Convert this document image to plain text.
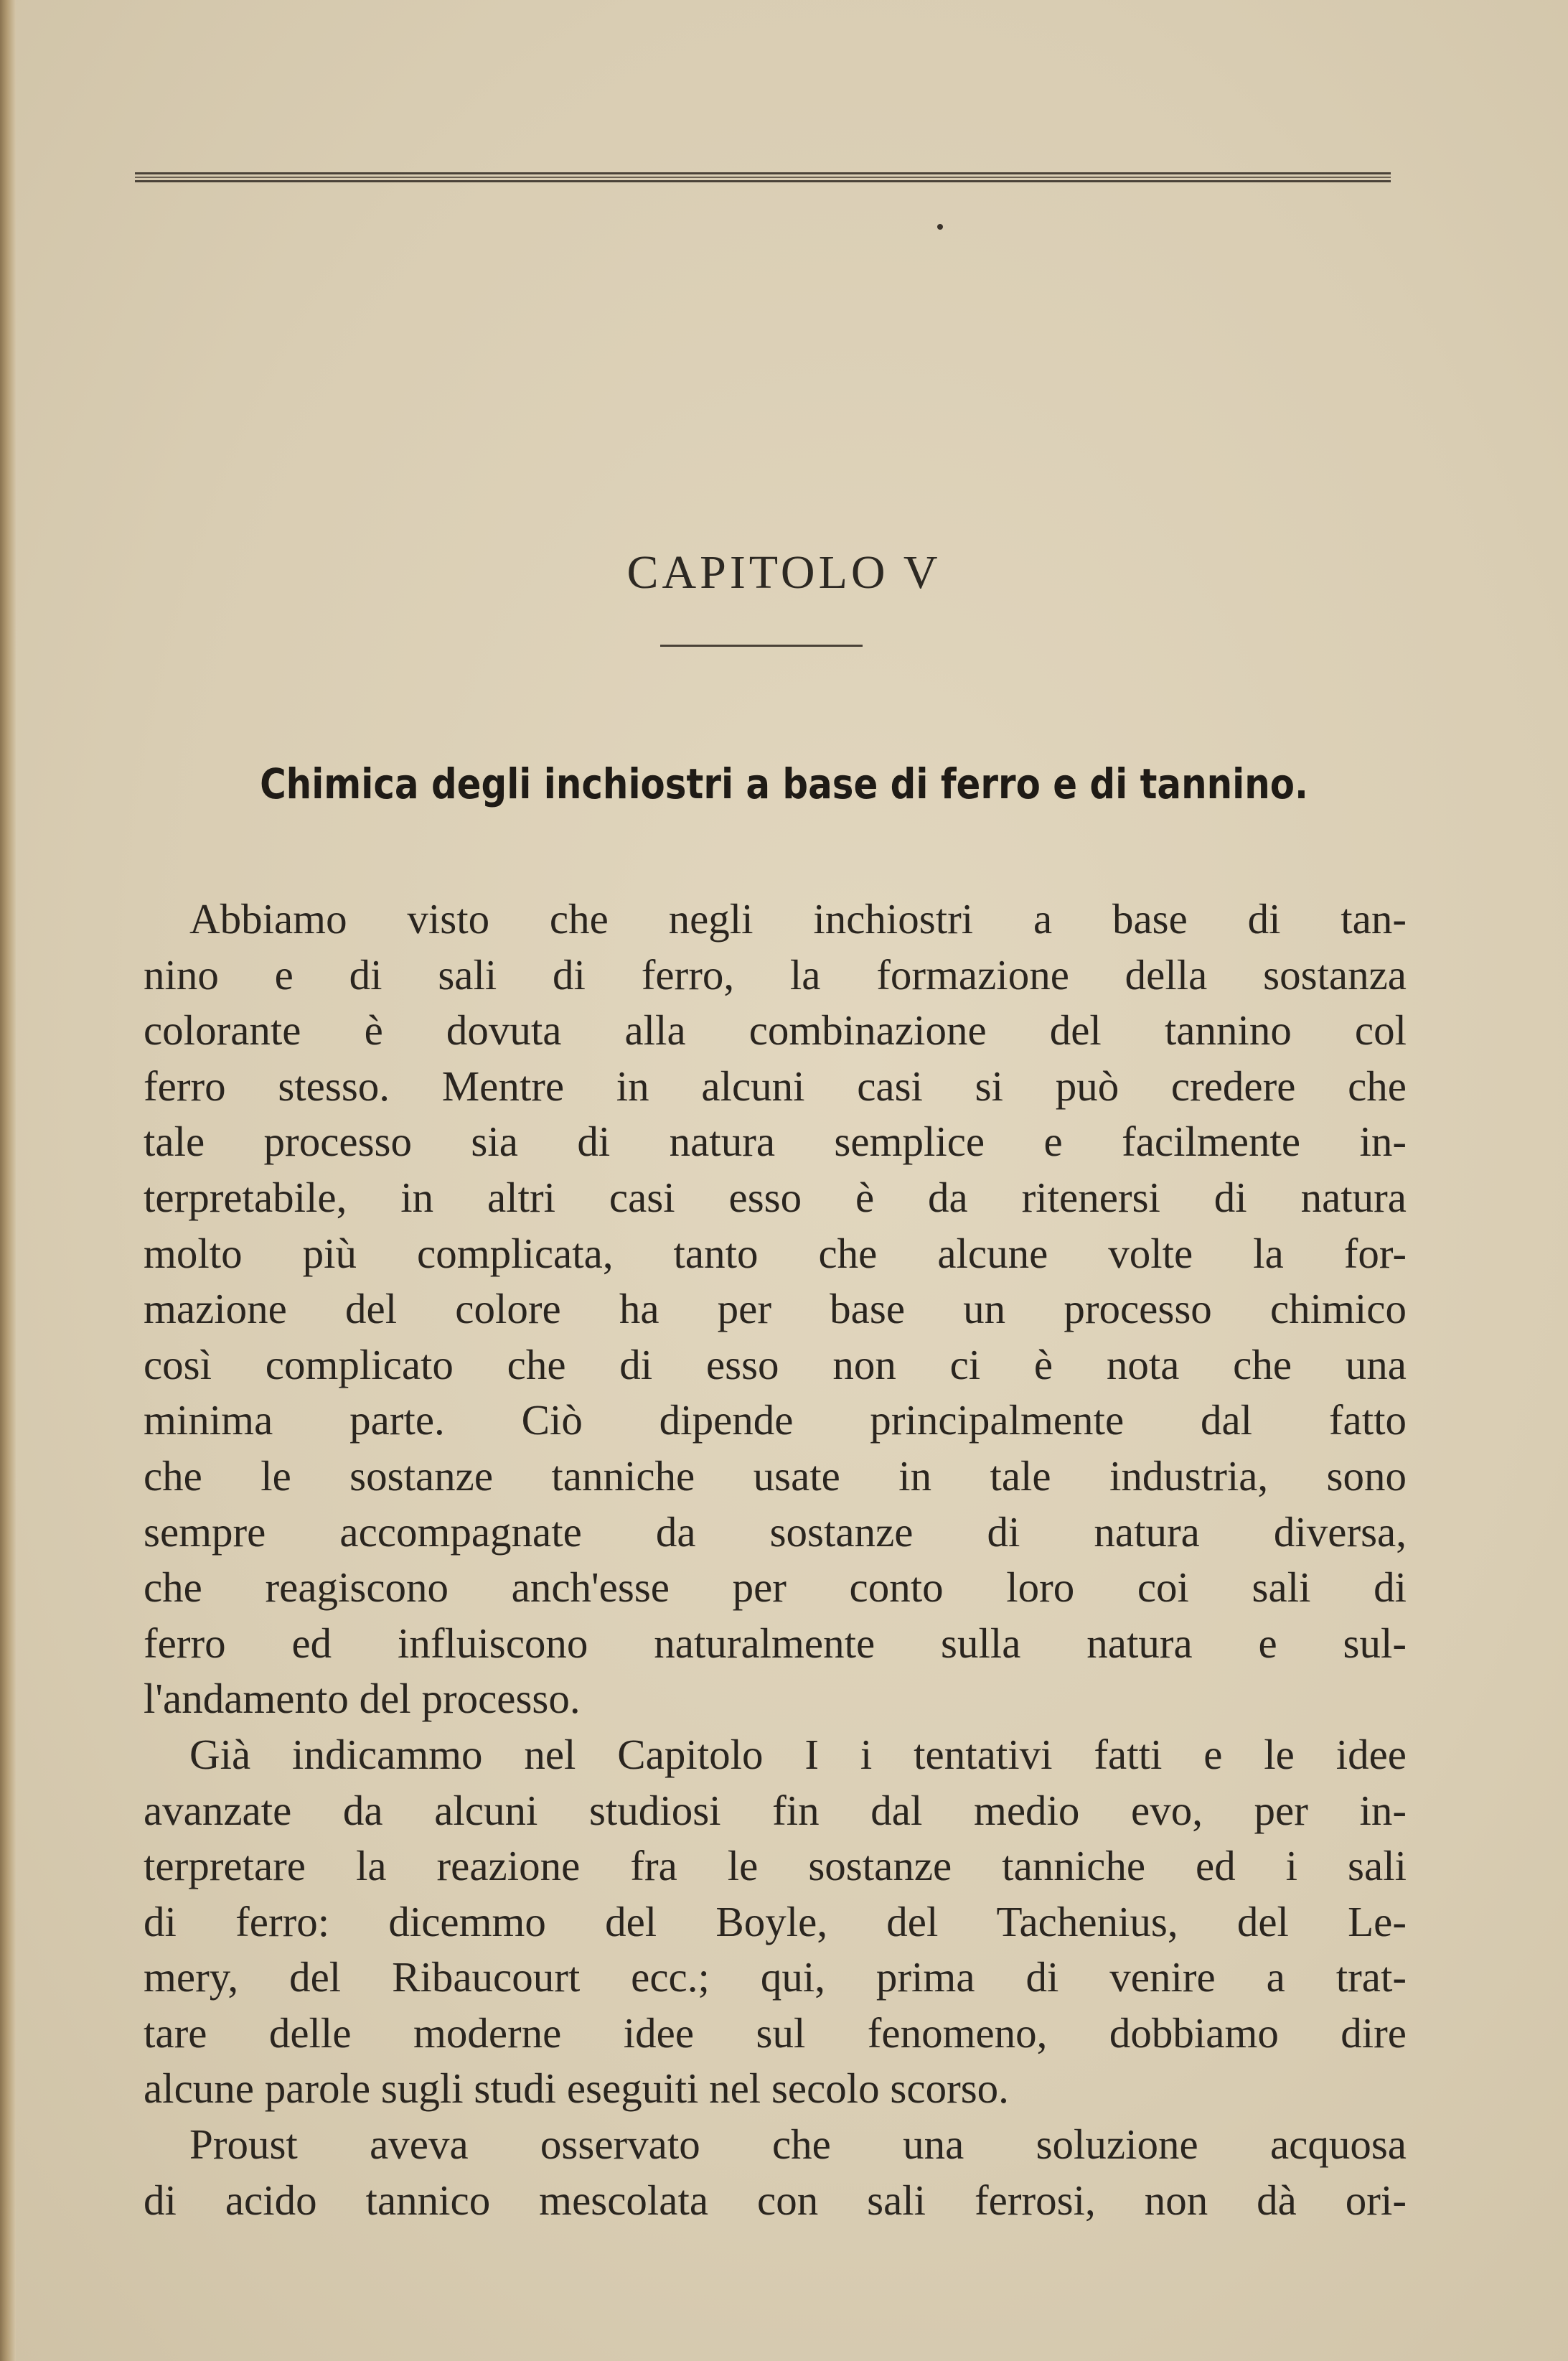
CAPITOLO V
Chimica degli inchiostri a base di ferro e di tannino.

Abbiamo visto che negli inchiostri a base di tan-

nino e di sali di ferro, la formazione della sostanza

colorante è dovuta alla combinazione del tannino col

ferro stesso. Mentre in alcuni casi si può credere che

tale processo sia di natura semplice e facilmente in-

terpretabile, in altri casi esso è da ritenersi di natura

molto più complicata, tanto che alcune volte la for-

mazione del colore ha per base un processo chimico

così complicato che di esso non ci è nota che una

minima parte. Ciò dipende principalmente dal fatto

che le sostanze tanniche usate in tale industria, sono

sempre accompagnate da sostanze di natura diversa,

che reagiscono anch'esse per conto loro coi sali di

ferro ed influiscono naturalmente sulla natura e sul-

l'andamento del processo.

Già indicammo nel Capitolo I i tentativi fatti e le idee

avanzate da alcuni studiosi fin dal medio evo, per in-

terpretare la reazione fra le sostanze tanniche ed i sali

di ferro: dicemmo del Boyle, del Tachenius, del Le-

mery, del Ribaucourt ecc.; qui, prima di venire a trat-

tare delle moderne idee sul fenomeno, dobbiamo dire

alcune parole sugli studi eseguiti nel secolo scorso.

Proust aveva osservato che una soluzione acquosa

di acido tannico mescolata con sali ferrosi, non dà ori-
